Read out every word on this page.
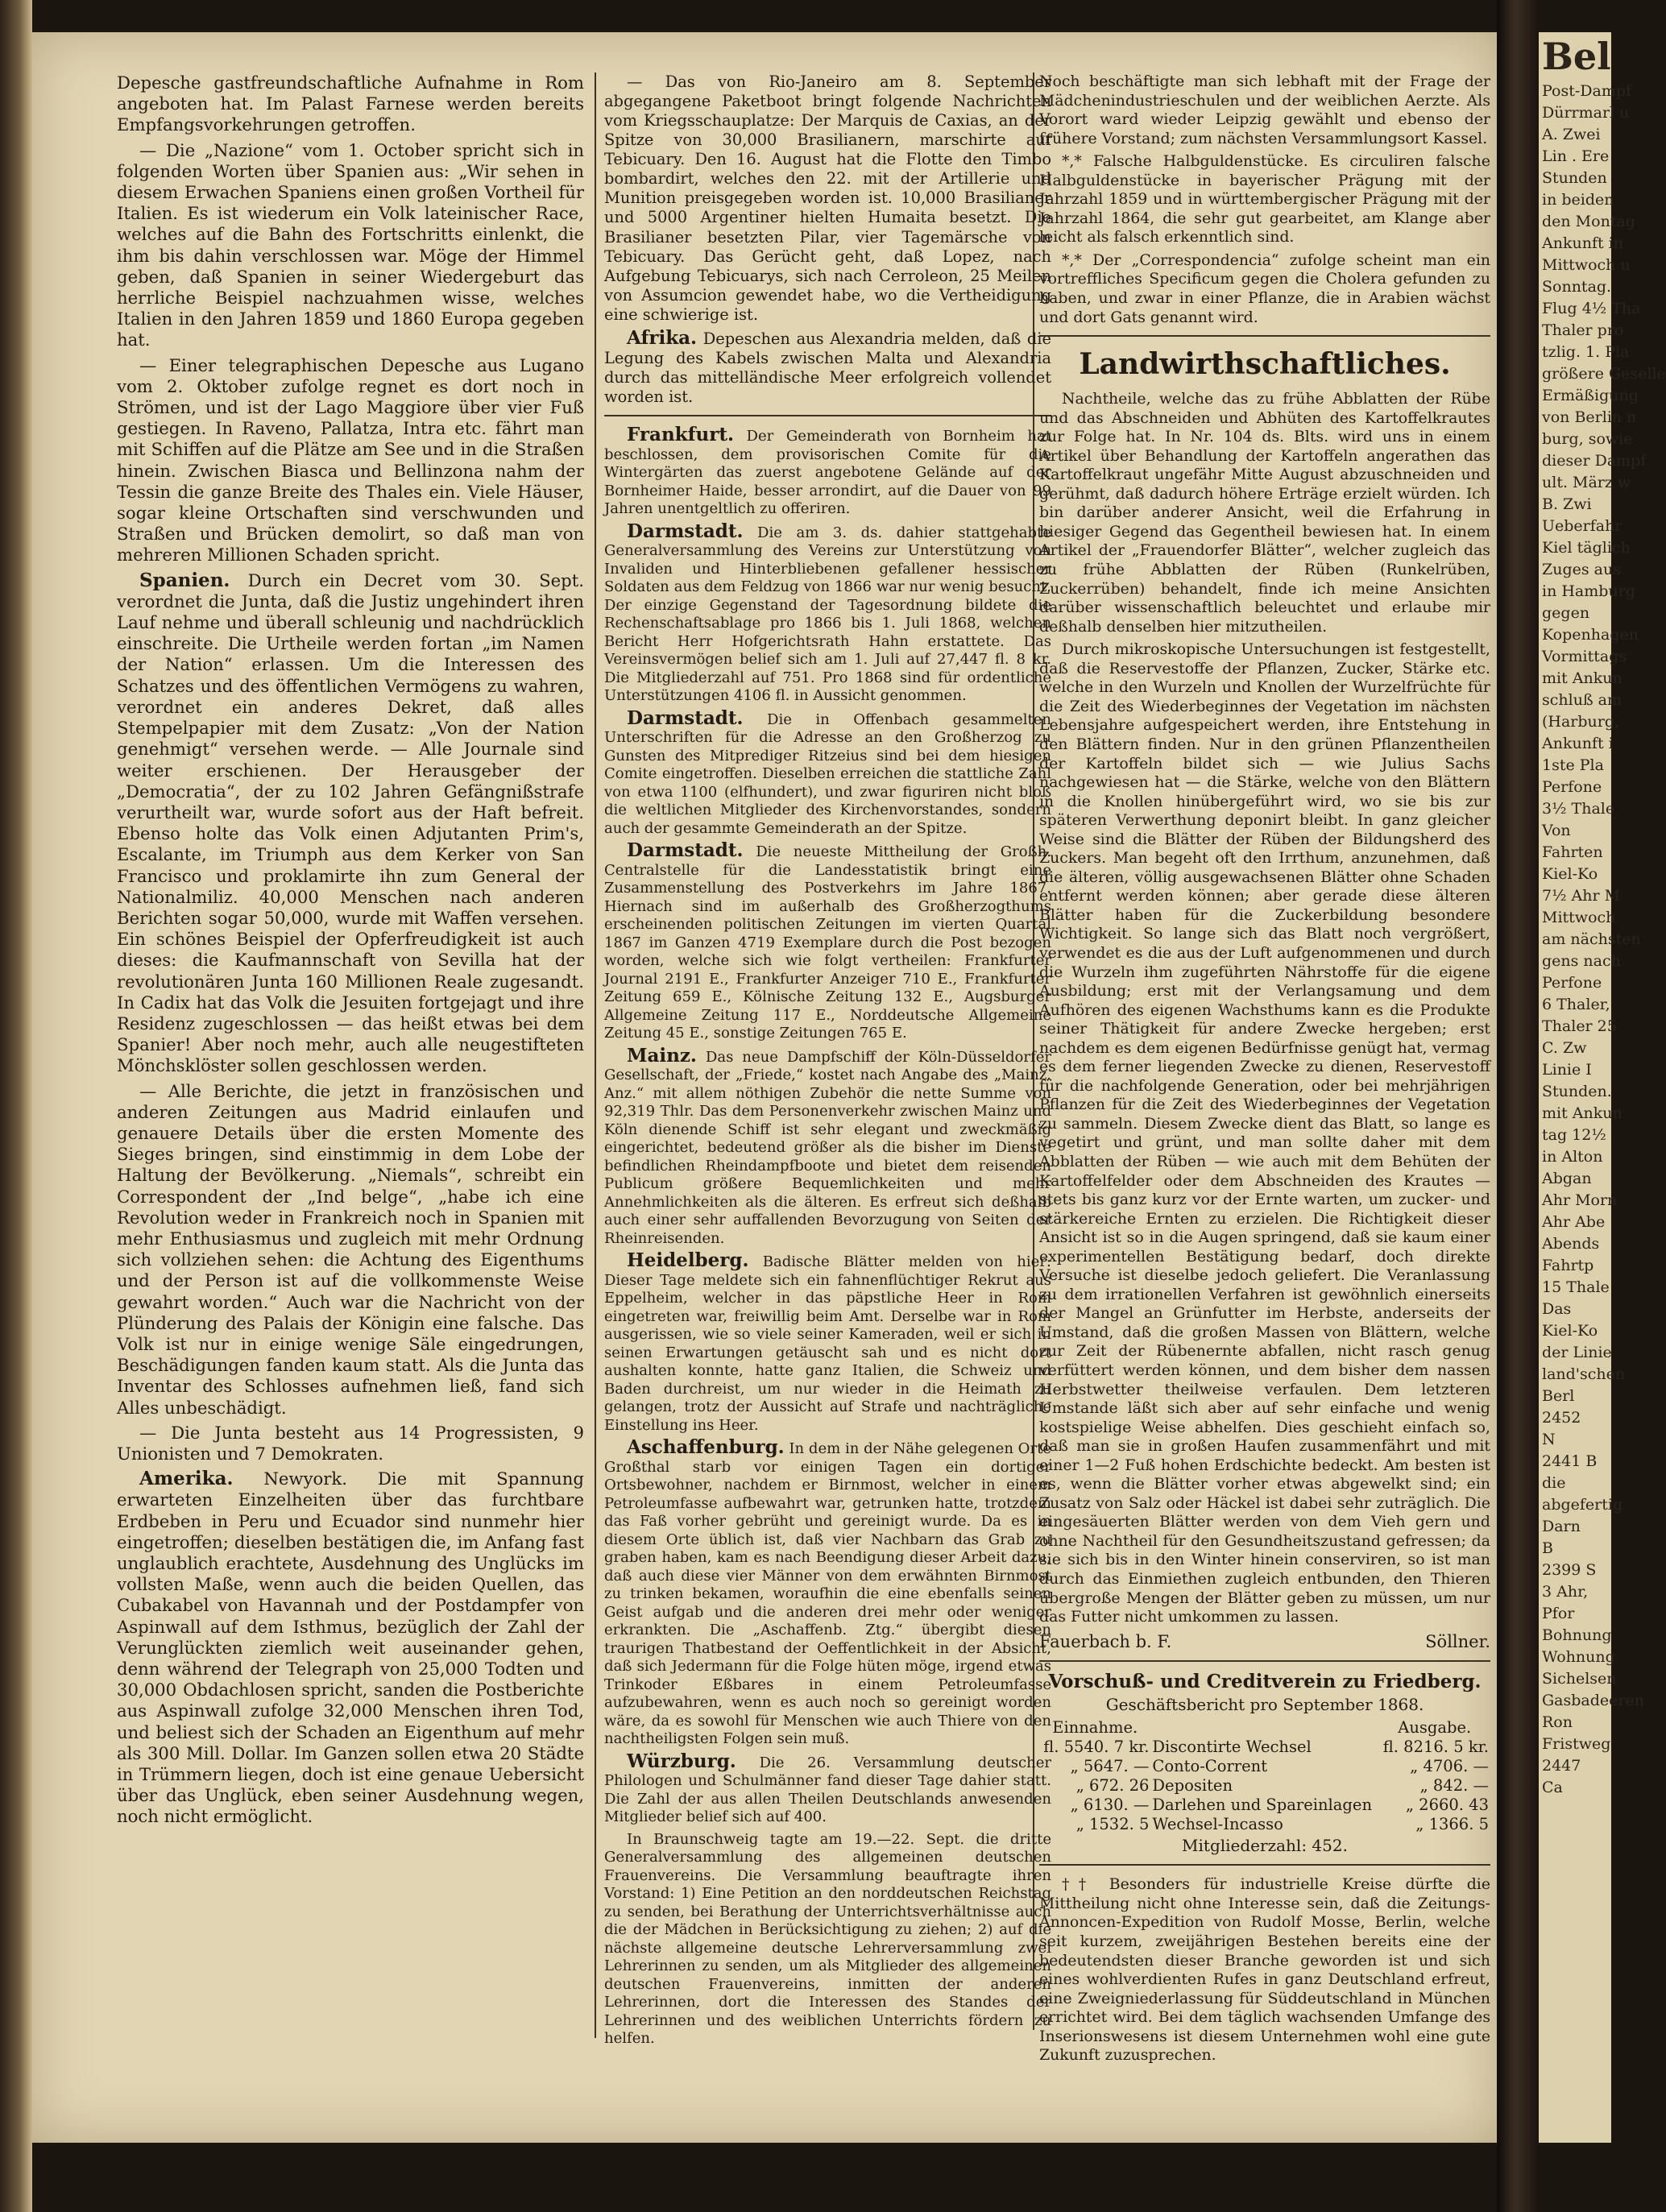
Bel
Post-Dampf
Dürrmarl u
A. Zwei
Lin . Ere
Stunden
in beiden
den Montag
Ankunft in
Mittwoch u
Sonntag.
Flug 4½ Tha
Thaler pro
tzlig. 1. Pla
größere Geselle
Ermäßigung
von Berlin n
burg, sowie
dieser Dampf
ult. März w
B. Zwi
Ueberfahr
Kiel täglich
Zuges aus
in Hamburg
gegen
Kopenhagen
Vormittags
mit Ankun
schluß am
(Harburg,
Ankunft i
1ste Pla
Perfone
3½ Thale
Von
Fahrten
Kiel-Ko
7½ Ahr M
Mittwoch
am nächsten
gens nach
Perfone
6 Thaler,
Thaler 25
C. Zw
Linie I
Stunden.
mit Ankun
tag 12½
in Alton
Abgan
Ahr Morn
Ahr Abe
Abends
Fahrtp
15 Thale
Das
Kiel-Ko
der Linie
land'schen
Berl
2452
N
2441 B
die
abgefertig
Darn
B
2399 S
3 Ahr,
Pfor
Bohnung
Wohnung
Sichelsen
Gasbadeeren
Ron
Fristweg
2447
Ca
Depesche gastfreundschaftliche Aufnahme in Rom angeboten hat. Im Palast Farnese werden bereits Empfangsvorkehrungen getroffen.
— Die „Nazione“ vom 1. October spricht sich in folgenden Worten über Spanien aus: „Wir sehen in diesem Erwachen Spaniens einen großen Vortheil für Italien. Es ist wiederum ein Volk lateinischer Race, welches auf die Bahn des Fortschritts einlenkt, die ihm bis dahin verschlossen war. Möge der Himmel geben, daß Spanien in seiner Wiedergeburt das herrliche Beispiel nachzuahmen wisse, welches Italien in den Jahren 1859 und 1860 Europa gegeben hat.
— Einer telegraphischen Depesche aus Lugano vom 2. Oktober zufolge regnet es dort noch in Strömen, und ist der Lago Maggiore über vier Fuß gestiegen. In Raveno, Pallatza, Intra etc. fährt man mit Schiffen auf die Plätze am See und in die Straßen hinein. Zwischen Biasca und Bellinzona nahm der Tessin die ganze Breite des Thales ein. Viele Häuser, sogar kleine Ortschaften sind verschwunden und Straßen und Brücken demolirt, so daß man von mehreren Millionen Schaden spricht.
Spanien. Durch ein Decret vom 30. Sept. verordnet die Junta, daß die Justiz ungehindert ihren Lauf nehme und überall schleunig und nachdrücklich einschreite. Die Urtheile werden fortan „im Namen der Nation“ erlassen. Um die Interessen des Schatzes und des öffentlichen Vermögens zu wahren, verordnet ein anderes Dekret, daß alles Stempelpapier mit dem Zusatz: „Von der Nation genehmigt“ versehen werde. — Alle Journale sind weiter erschienen. Der Herausgeber der „Democratia“, der zu 102 Jahren Gefängnißstrafe verurtheilt war, wurde sofort aus der Haft befreit. Ebenso holte das Volk einen Adjutanten Prim's, Escalante, im Triumph aus dem Kerker von San Francisco und proklamirte ihn zum General der Nationalmiliz. 40,000 Menschen nach anderen Berichten sogar 50,000, wurde mit Waffen versehen. Ein schönes Beispiel der Opferfreudigkeit ist auch dieses: die Kaufmannschaft von Sevilla hat der revolutionären Junta 160 Millionen Reale zugesandt. In Cadix hat das Volk die Jesuiten fortgejagt und ihre Residenz zugeschlossen — das heißt etwas bei dem Spanier! Aber noch mehr, auch alle neugestifteten Mönchsklöster sollen geschlossen werden.
— Alle Berichte, die jetzt in französischen und anderen Zeitungen aus Madrid einlaufen und genauere Details über die ersten Momente des Sieges bringen, sind einstimmig in dem Lobe der Haltung der Bevölkerung. „Niemals“, schreibt ein Correspondent der „Ind belge“, „habe ich eine Revolution weder in Frankreich noch in Spanien mit mehr Enthusiasmus und zugleich mit mehr Ordnung sich vollziehen sehen: die Achtung des Eigenthums und der Person ist auf die vollkommenste Weise gewahrt worden.“ Auch war die Nachricht von der Plünderung des Palais der Königin eine falsche. Das Volk ist nur in einige wenige Säle eingedrungen, Beschädigungen fanden kaum statt. Als die Junta das Inventar des Schlosses aufnehmen ließ, fand sich Alles unbeschädigt.
— Die Junta besteht aus 14 Progressisten, 9 Unionisten und 7 Demokraten.
Amerika. Newyork. Die mit Spannung erwarteten Einzelheiten über das furchtbare Erdbeben in Peru und Ecuador sind nunmehr hier eingetroffen; dieselben bestätigen die, im Anfang fast unglaublich erachtete, Ausdehnung des Unglücks im vollsten Maße, wenn auch die beiden Quellen, das Cubakabel von Havannah und der Postdampfer von Aspinwall auf dem Isthmus, bezüglich der Zahl der Verunglückten ziemlich weit auseinander gehen, denn während der Telegraph von 25,000 Todten und 30,000 Obdachlosen spricht, sanden die Postberichte aus Aspinwall zufolge 32,000 Menschen ihren Tod, und beliest sich der Schaden an Eigenthum auf mehr als 300 Mill. Dollar. Im Ganzen sollen etwa 20 Städte in Trümmern liegen, doch ist eine genaue Uebersicht über das Unglück, eben seiner Ausdehnung wegen, noch nicht ermöglicht.
— Das von Rio-Janeiro am 8. September abgegangene Paketboot bringt folgende Nachrichten vom Kriegsschauplatze: Der Marquis de Caxias, an der Spitze von 30,000 Brasilianern, marschirte auf Tebicuary. Den 16. August hat die Flotte den Timbo bombardirt, welches den 22. mit der Artillerie und Munition preisgegeben worden ist. 10,000 Brasilianer und 5000 Argentiner hielten Humaita besetzt. Die Brasilianer besetzten Pilar, vier Tagemärsche von Tebicuary. Das Gerücht geht, daß Lopez, nach Aufgebung Tebicuarys, sich nach Cerroleon, 25 Meilen von Assumcion gewendet habe, wo die Vertheidigung eine schwierige ist.
Afrika. Depeschen aus Alexandria melden, daß die Legung des Kabels zwischen Malta und Alexandria durch das mittelländische Meer erfolgreich vollendet worden ist.
Frankfurt. Der Gemeinderath von Bornheim hat beschlossen, dem provisorischen Comite für die Wintergärten das zuerst angebotene Gelände auf der Bornheimer Haide, besser arrondirt, auf die Dauer von 99 Jahren unentgeltlich zu offeriren.
Darmstadt. Die am 3. ds. dahier stattgehabte Generalversammlung des Vereins zur Unterstützung von Invaliden und Hinterbliebenen gefallener hessischer Soldaten aus dem Feldzug von 1866 war nur wenig besucht. Der einzige Gegenstand der Tagesordnung bildete die Rechenschaftsablage pro 1866 bis 1. Juli 1868, welchen Bericht Herr Hofgerichtsrath Hahn erstattete. Das Vereinsvermögen belief sich am 1. Juli auf 27,447 fl. 8 kr. Die Mitgliederzahl auf 751. Pro 1868 sind für ordentliche Unterstützungen 4106 fl. in Aussicht genommen.
Darmstadt. Die in Offenbach gesammelten Unterschriften für die Adresse an den Großherzog zu Gunsten des Mitprediger Ritzeius sind bei dem hiesigen Comite eingetroffen. Dieselben erreichen die stattliche Zahl von etwa 1100 (elfhundert), und zwar figuriren nicht bloß die weltlichen Mitglieder des Kirchenvorstandes, sondern auch der gesammte Gemeinderath an der Spitze.
Darmstadt. Die neueste Mittheilung der Großh. Centralstelle für die Landesstatistik bringt eine Zusammenstellung des Postverkehrs im Jahre 1867. Hiernach sind im außerhalb des Großherzogthums erscheinenden politischen Zeitungen im vierten Quartal 1867 im Ganzen 4719 Exemplare durch die Post bezogen worden, welche sich wie folgt vertheilen: Frankfurter Journal 2191 E., Frankfurter Anzeiger 710 E., Frankfurter Zeitung 659 E., Kölnische Zeitung 132 E., Augsburger Allgemeine Zeitung 117 E., Norddeutsche Allgemeine Zeitung 45 E., sonstige Zeitungen 765 E.
Mainz. Das neue Dampfschiff der Köln-Düsseldorfer Gesellschaft, der „Friede,“ kostet nach Angabe des „Mainz. Anz.“ mit allem nöthigen Zubehör die nette Summe von 92,319 Thlr. Das dem Personenverkehr zwischen Mainz und Köln dienende Schiff ist sehr elegant und zweckmäßig eingerichtet, bedeutend größer als die bisher im Dienste befindlichen Rheindampfboote und bietet dem reisenden Publicum größere Bequemlichkeiten und mehr Annehmlichkeiten als die älteren. Es erfreut sich deßhalb auch einer sehr auffallenden Bevorzugung von Seiten der Rheinreisenden.
Heidelberg. Badische Blätter melden von hier: Dieser Tage meldete sich ein fahnenflüchtiger Rekrut aus Eppelheim, welcher in das päpstliche Heer in Rom eingetreten war, freiwillig beim Amt. Derselbe war in Rom ausgerissen, wie so viele seiner Kameraden, weil er sich in seinen Erwartungen getäuscht sah und es nicht dort aushalten konnte, hatte ganz Italien, die Schweiz und Baden durchreist, um nur wieder in die Heimath zu gelangen, trotz der Aussicht auf Strafe und nachträgliche Einstellung ins Heer.
Aschaffenburg. In dem in der Nähe gelegenen Orte Großthal starb vor einigen Tagen ein dortiger Ortsbewohner, nachdem er Birnmost, welcher in einem Petroleumfasse aufbewahrt war, getrunken hatte, trotzdem das Faß vorher gebrüht und gereinigt wurde. Da es in diesem Orte üblich ist, daß vier Nachbarn das Grab zu graben haben, kam es nach Beendigung dieser Arbeit dazu, daß auch diese vier Männer von dem erwähnten Birnmost zu trinken bekamen, woraufhin die eine ebenfalls seinen Geist aufgab und die anderen drei mehr oder weniger erkrankten. Die „Aschaffenb. Ztg.“ übergibt diesen traurigen Thatbestand der Oeffentlichkeit in der Absicht, daß sich Jedermann für die Folge hüten möge, irgend etwas Trinkoder Eßbares in einem Petroleumfasse aufzubewahren, wenn es auch noch so gereinigt worden wäre, da es sowohl für Menschen wie auch Thiere von den nachtheiligsten Folgen sein muß.
Würzburg. Die 26. Versammlung deutscher Philologen und Schulmänner fand dieser Tage dahier statt. Die Zahl der aus allen Theilen Deutschlands anwesenden Mitglieder belief sich auf 400.
In Braunschweig tagte am 19.—22. Sept. die dritte Generalversammlung des allgemeinen deutschen Frauenvereins. Die Versammlung beauftragte ihren Vorstand: 1) Eine Petition an den norddeutschen Reichstag zu senden, bei Berathung der Unterrichtsverhältnisse auch die der Mädchen in Berücksichtigung zu ziehen; 2) auf die nächste allgemeine deutsche Lehrerversammlung zwei Lehrerinnen zu senden, um als Mitglieder des allgemeinen deutschen Frauenvereins, inmitten der anderen Lehrerinnen, dort die Interessen des Standes der Lehrerinnen und des weiblichen Unterrichts fördern zu helfen.
Noch beschäftigte man sich lebhaft mit der Frage der Mädchenindustrieschulen und der weiblichen Aerzte. Als Vorort ward wieder Leipzig gewählt und ebenso der frühere Vorstand; zum nächsten Versammlungsort Kassel.
*,* Falsche Halbguldenstücke. Es circuliren falsche Halbguldenstücke in bayerischer Prägung mit der Jahrzahl 1859 und in württembergischer Prägung mit der Jahrzahl 1864, die sehr gut gearbeitet, am Klange aber leicht als falsch erkenntlich sind.
*,* Der „Correspondencia“ zufolge scheint man ein vortreffliches Specificum gegen die Cholera gefunden zu haben, und zwar in einer Pflanze, die in Arabien wächst und dort Gats genannt wird.
Landwirthschaftliches.
Nachtheile, welche das zu frühe Abblatten der Rübe und das Abschneiden und Abhüten des Kartoffelkrautes zur Folge hat. In Nr. 104 ds. Blts. wird uns in einem Artikel über Behandlung der Kartoffeln angerathen das Kartoffelkraut ungefähr Mitte August abzuschneiden und gerühmt, daß dadurch höhere Erträge erzielt würden. Ich bin darüber anderer Ansicht, weil die Erfahrung in hiesiger Gegend das Gegentheil bewiesen hat. In einem Artikel der „Frauendorfer Blätter“, welcher zugleich das zu frühe Abblatten der Rüben (Runkelrüben, Zuckerrüben) behandelt, finde ich meine Ansichten darüber wissenschaftlich beleuchtet und erlaube mir deßhalb denselben hier mitzutheilen.
Durch mikroskopische Untersuchungen ist festgestellt, daß die Reservestoffe der Pflanzen, Zucker, Stärke etc. welche in den Wurzeln und Knollen der Wurzelfrüchte für die Zeit des Wiederbeginnes der Vegetation im nächsten Lebensjahre aufgespeichert werden, ihre Entstehung in den Blättern finden. Nur in den grünen Pflanzentheilen der Kartoffeln bildet sich — wie Julius Sachs nachgewiesen hat — die Stärke, welche von den Blättern in die Knollen hinübergeführt wird, wo sie bis zur späteren Verwerthung deponirt bleibt. In ganz gleicher Weise sind die Blätter der Rüben der Bildungsherd des Zuckers. Man begeht oft den Irrthum, anzunehmen, daß die älteren, völlig ausgewachsenen Blätter ohne Schaden entfernt werden können; aber gerade diese älteren Blätter haben für die Zuckerbildung besondere Wichtigkeit. So lange sich das Blatt noch vergrößert, verwendet es die aus der Luft aufgenommenen und durch die Wurzeln ihm zugeführten Nährstoffe für die eigene Ausbildung; erst mit der Verlangsamung und dem Aufhören des eigenen Wachsthums kann es die Produkte seiner Thätigkeit für andere Zwecke hergeben; erst nachdem es dem eigenen Bedürfnisse genügt hat, vermag es dem ferner liegenden Zwecke zu dienen, Reservestoff für die nachfolgende Generation, oder bei mehrjährigen Pflanzen für die Zeit des Wiederbeginnes der Vegetation zu sammeln. Diesem Zwecke dient das Blatt, so lange es vegetirt und grünt, und man sollte daher mit dem Abblatten der Rüben — wie auch mit dem Behüten der Kartoffelfelder oder dem Abschneiden des Krautes — stets bis ganz kurz vor der Ernte warten, um zucker- und stärkereiche Ernten zu erzielen. Die Richtigkeit dieser Ansicht ist so in die Augen springend, daß sie kaum einer experimentellen Bestätigung bedarf, doch direkte Versuche ist dieselbe jedoch geliefert. Die Veranlassung zu dem irrationellen Verfahren ist gewöhnlich einerseits der Mangel an Grünfutter im Herbste, anderseits der Umstand, daß die großen Massen von Blättern, welche zur Zeit der Rübenernte abfallen, nicht rasch genug verfüttert werden können, und dem bisher dem nassen Herbstwetter theilweise verfaulen. Dem letzteren Umstande läßt sich aber auf sehr einfache und wenig kostspielige Weise abhelfen. Dies geschieht einfach so, daß man sie in großen Haufen zusammenfährt und mit einer 1—2 Fuß hohen Erdschichte bedeckt. Am besten ist es, wenn die Blätter vorher etwas abgewelkt sind; ein Zusatz von Salz oder Häckel ist dabei sehr zuträglich. Die eingesäuerten Blätter werden von dem Vieh gern und ohne Nachtheil für den Gesundheitszustand gefressen; da sie sich bis in den Winter hinein conserviren, so ist man durch das Einmiethen zugleich entbunden, den Thieren übergroße Mengen der Blätter geben zu müssen, um nur das Futter nicht umkommen zu lassen.
Fauerbach b. F.	Söllner.
Vorschuß- und Creditverein zu Friedberg.
Geschäftsbericht pro September 1868.
Einnahme.		Ausgabe.
fl. 5540. 7 kr.	Discontirte Wechsel	fl. 8216. 5 kr.
„ 5647. —	Conto-Corrent	„ 4706. —
„ 672. 26	Depositen	„ 842. —
„ 6130. —	Darlehen und Spareinlagen	„ 2660. 43
„ 1532. 5	Wechsel-Incasso	„ 1366. 5
Mitgliederzahl: 452.
†† Besonders für industrielle Kreise dürfte die Mittheilung nicht ohne Interesse sein, daß die Zeitungs-Annoncen-Expedition von Rudolf Mosse, Berlin, welche seit kurzem, zweijährigen Bestehen bereits eine der bedeutendsten dieser Branche geworden ist und sich eines wohlverdienten Rufes in ganz Deutschland erfreut, eine Zweigniederlassung für Süddeutschland in München errichtet wird. Bei dem täglich wachsenden Umfange des Inserionswesens ist diesem Unternehmen wohl eine gute Zukunft zuzusprechen.
